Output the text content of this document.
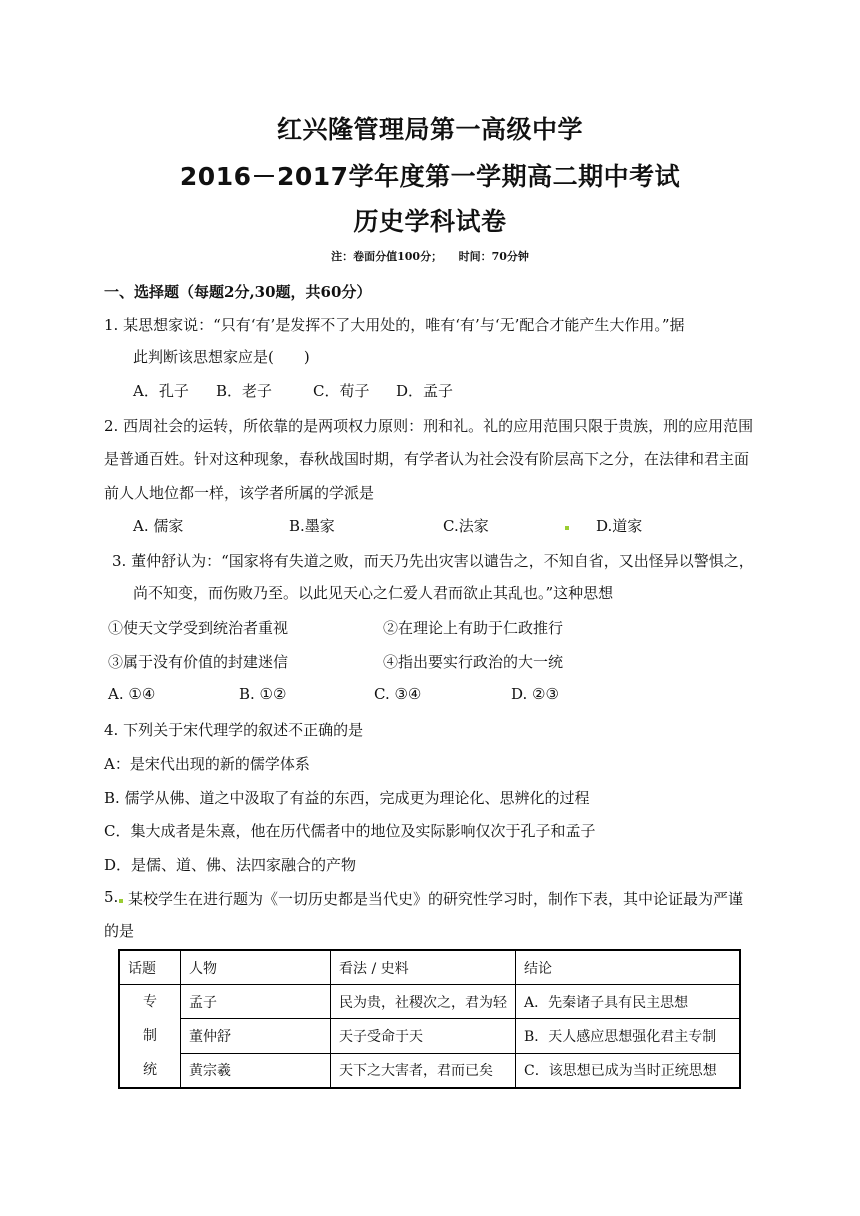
红兴隆管理局第一高级中学
2016－2017学年度第一学期高二期中考试
历史学科试卷
注：卷面分值100分；　　时间：70分钟
一、选择题（每题2分,30题，共60分）
1. 某思想家说：“只有‘有’是发挥不了大用处的，唯有‘有’与‘无’配合才能产生大作用。”据
此判断该思想家应是(　　)
A．孔子 B．老子	C．荀子 D．孟子
2. 西周社会的运转，所依靠的是两项权力原则：刑和礼。礼的应用范围只限于贵族，刑的应用范围
是普通百姓。针对这种现象，春秋战国时期，有学者认为社会没有阶层高下之分，在法律和君主面
前人人地位都一样，该学者所属的学派是
A. 儒家	B.墨家	C.法家	D.道家
3. 董仲舒认为：“国家将有失道之败，而天乃先出灾害以谴告之，不知自省，又出怪异以警惧之，
尚不知变，而伤败乃至。以此见天心之仁爱人君而欲止其乱也。”这种思想
①使天文学受到统治者重视	②在理论上有助于仁政推行
③属于没有价值的封建迷信	④指出要实行政治的大一统
A. ①④	B. ①②	C. ③④	D. ②③
4. 下列关于宋代理学的叙述不正确的是
A：是宋代出现的新的儒学体系
B. 儒学从佛、道之中汲取了有益的东西，完成更为理论化、思辨化的过程
C．集大成者是朱熹，他在历代儒者中的地位及实际影响仅次于孔子和孟子
D．是儒、道、佛、法四家融合的产物
5. 某校学生在进行题为《一切历史都是当代史》的研究性学习时，制作下表，其中论证最为严谨
的是
话题	人物	看法 / 史料	结论

专
制
统	孟子	民为贵，社稷次之，君为轻	A．先秦诸子具有民主思想
	董仲舒	天子受命于天	B．天人感应思想强化君主专制
	黄宗羲	天下之大害者，君而已矣	C．该思想已成为当时正统思想
